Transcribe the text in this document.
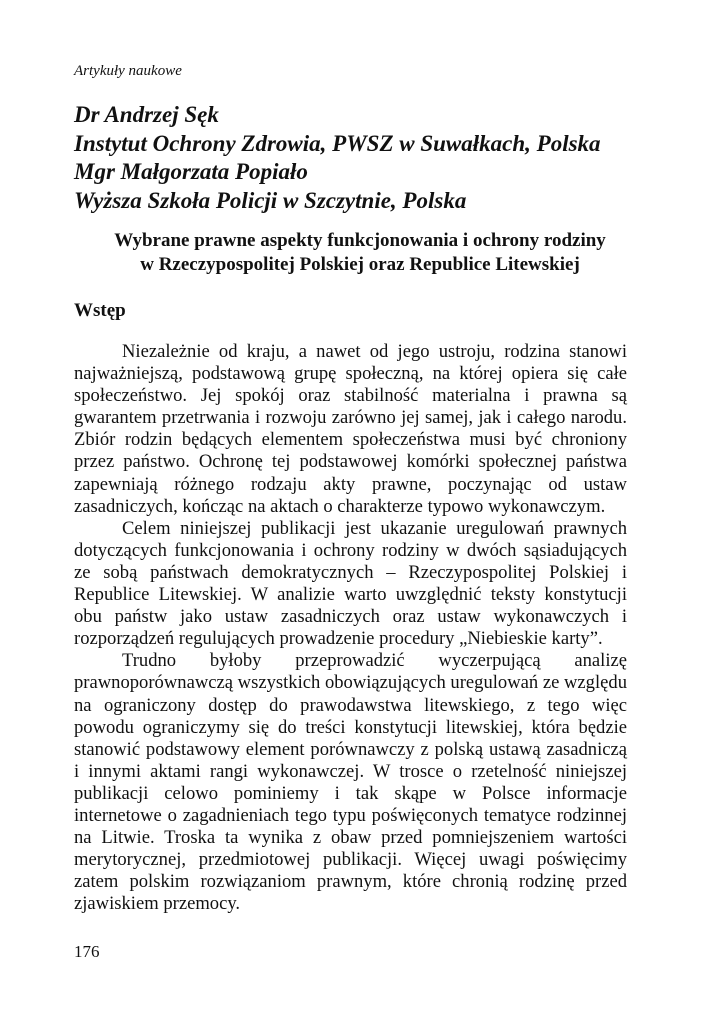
Artykuły naukowe
Dr Andrzej Sęk
Instytut Ochrony Zdrowia, PWSZ w Suwałkach, Polska
Mgr Małgorzata Popiało
Wyższa Szkoła Policji w Szczytnie, Polska
Wybrane prawne aspekty funkcjonowania i ochrony rodziny
w Rzeczypospolitej Polskiej oraz Republice Litewskiej
Wstęp

Niezależnie od kraju, a nawet od jego ustroju, rodzina stanowi najważniejszą, podstawową grupę społeczną, na której opiera się całe społeczeństwo. Jej spokój oraz stabilność materialna i prawna są gwarantem przetrwania i rozwoju zarówno jej samej, jak i całego narodu. Zbiór rodzin będących elementem społeczeństwa musi być chroniony przez państwo. Ochronę tej podstawowej komórki społecznej państwa zapewniają różnego rodzaju akty prawne, poczynając od ustaw zasadniczych, kończąc na aktach o charakterze typowo wykonawczym.

Celem niniejszej publikacji jest ukazanie uregulowań prawnych dotyczących funkcjonowania i ochrony rodziny w dwóch sąsiadujących ze sobą państwach demokratycznych – Rzeczypospolitej Polskiej i Republice Litewskiej. W analizie warto uwzględnić teksty konstytucji obu państw jako ustaw zasadniczych oraz ustaw wykonawczych i rozporządzeń regulujących prowadzenie procedury „Niebieskie karty”.

Trudno byłoby przeprowadzić wyczerpującą analizę prawnoporównawczą wszystkich obowiązujących uregulowań ze względu na ograniczony dostęp do prawodawstwa litewskiego, z tego więc powodu ograniczymy się do treści konstytucji litewskiej, która będzie stanowić podstawowy element porównawczy z polską ustawą zasadniczą i innymi aktami rangi wykonawczej. W trosce o rzetelność niniejszej publikacji celowo pominiemy i tak skąpe w Polsce informacje internetowe o zagadnieniach tego typu poświęconych tematyce rodzinnej na Litwie. Troska ta wynika z obaw przed pomniejszeniem wartości merytorycznej, przedmiotowej publikacji. Więcej uwagi poświęcimy zatem polskim rozwiązaniom prawnym, które chronią rodzinę przed zjawiskiem przemocy.

176
